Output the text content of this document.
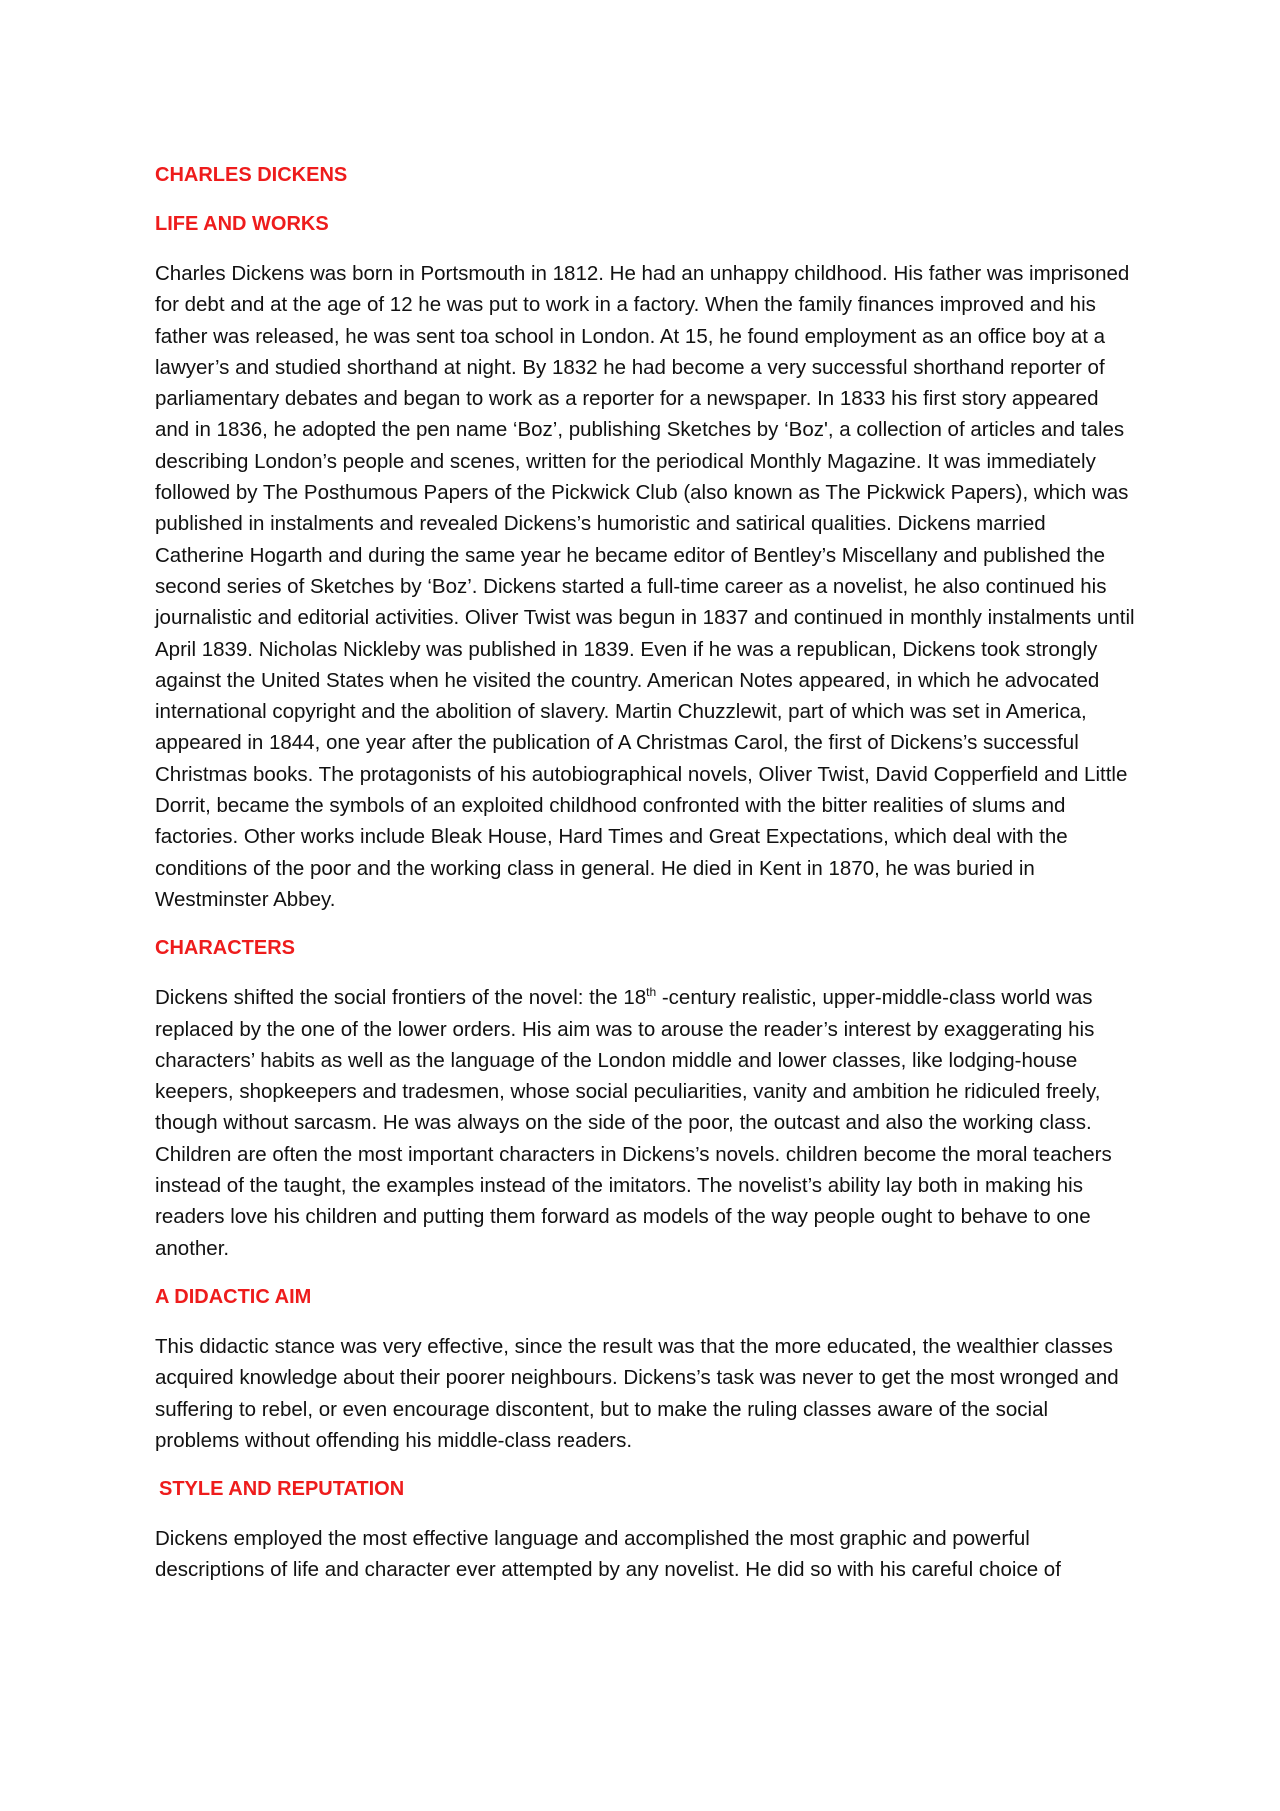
CHARLES DICKENS
LIFE AND WORKS

Charles Dickens was born in Portsmouth in 1812. He had an unhappy childhood. His father was imprisoned for debt and at the age of 12 he was put to work in a factory. When the family finances improved and his father was released, he was sent toa school in London. At 15, he found employment as an office boy at a lawyer’s and studied shorthand at night. By 1832 he had become a very successful shorthand reporter of parliamentary debates and began to work as a reporter for a newspaper. In 1833 his first story appeared and in 1836, he adopted the pen name ‘Boz’, publishing Sketches by ‘Boz', a collection of articles and tales describing London’s people and scenes, written for the periodical Monthly Magazine. It was immediately followed by The Posthumous Papers of the Pickwick Club (also known as The Pickwick Papers), which was published in instalments and revealed Dickens’s humoristic and satirical qualities. Dickens married Catherine Hogarth and during the same year he became editor of Bentley’s Miscellany and published the second series of Sketches by ‘Boz’. Dickens started a full-time career as a novelist, he also continued his journalistic and editorial activities. Oliver Twist was begun in 1837 and continued in monthly instalments until April 1839. Nicholas Nickleby was published in 1839. Even if he was a republican, Dickens took strongly against the United States when he visited the country. American Notes appeared, in which he advocated international copyright and the abolition of slavery. Martin Chuzzlewit, part of which was set in America, appeared in 1844, one year after the publication of A Christmas Carol, the first of Dickens’s successful Christmas books. The protagonists of his autobiographical novels, Oliver Twist, David Copperfield and Little Dorrit, became the symbols of an exploited childhood confronted with the bitter realities of slums and factories. Other works include Bleak House, Hard Times and Great Expectations, which deal with the conditions of the poor and the working class in general. He died in Kent in 1870, he was buried in Westminster Abbey.

CHARACTERS

Dickens shifted the social frontiers of the novel: the 18th -century realistic, upper-middle-class world was replaced by the one of the lower orders. His aim was to arouse the reader’s interest by exaggerating his characters’ habits as well as the language of the London middle and lower classes, like lodging-house keepers, shopkeepers and tradesmen, whose social peculiarities, vanity and ambition he ridiculed freely, though without sarcasm. He was always on the side of the poor, the outcast and also the working class. Children are often the most important characters in Dickens’s novels. children become the moral teachers instead of the taught, the examples instead of the imitators. The novelist’s ability lay both in making his readers love his children and putting them forward as models of the way people ought to behave to one another.

A DIDACTIC AIM

This didactic stance was very effective, since the result was that the more educated, the wealthier classes acquired knowledge about their poorer neighbours. Dickens’s task was never to get the most wronged and suffering to rebel, or even encourage discontent, but to make the ruling classes aware of the social problems without offending his middle-class readers.

STYLE AND REPUTATION

Dickens employed the most effective language and accomplished the most graphic and powerful descriptions of life and character ever attempted by any novelist. He did so with his careful choice of
